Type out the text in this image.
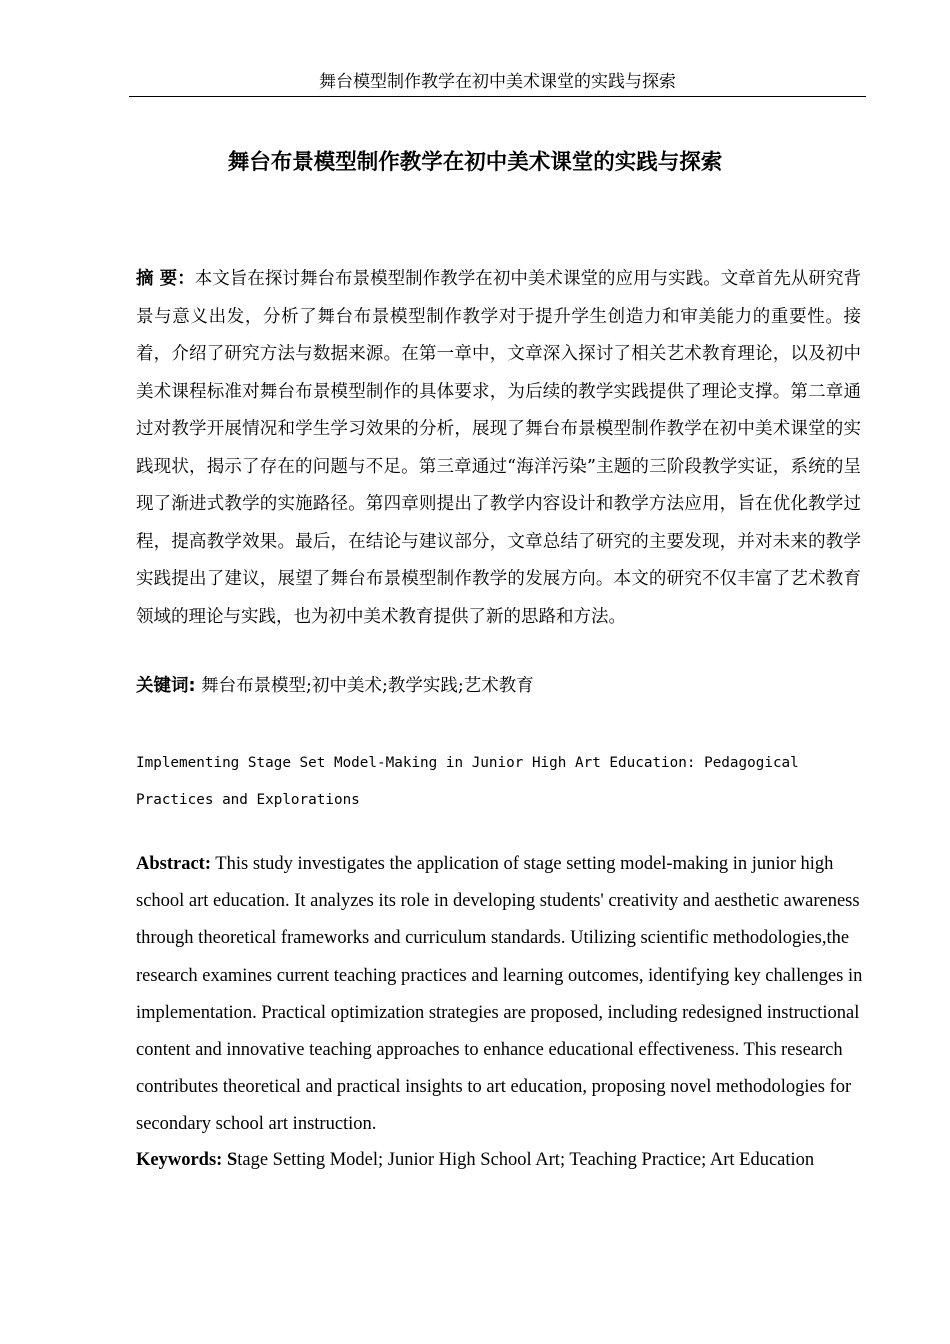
舞台模型制作教学在初中美术课堂的实践与探索
舞台布景模型制作教学在初中美术课堂的实践与探索
摘 要：本文旨在探讨舞台布景模型制作教学在初中美术课堂的应用与实践。文章首先从研究背景与意义出发，分析了舞台布景模型制作教学对于提升学生创造力和审美能力的重要性。接着，介绍了研究方法与数据来源。在第一章中，文章深入探讨了相关艺术教育理论，以及初中美术课程标准对舞台布景模型制作的具体要求，为后续的教学实践提供了理论支撑。第二章通过对教学开展情况和学生学习效果的分析，展现了舞台布景模型制作教学在初中美术课堂的实践现状，揭示了存在的问题与不足。第三章通过“海洋污染”主题的三阶段教学实证，系统的呈现了渐进式教学的实施路径。第四章则提出了教学内容设计和教学方法应用，旨在优化教学过程，提高教学效果。最后，在结论与建议部分，文章总结了研究的主要发现，并对未来的教学实践提出了建议，展望了舞台布景模型制作教学的发展方向。本文的研究不仅丰富了艺术教育领域的理论与实践，也为初中美术教育提供了新的思路和方法。
关键词: 舞台布景模型;初中美术;教学实践;艺术教育
Implementing Stage Set Model-Making in Junior High Art Education: Pedagogical Practices and Explorations
Abstract: This study investigates the application of stage setting model-making in junior high school art education. It analyzes its role in developing students' creativity and aesthetic awareness through theoretical frameworks and curriculum standards. Utilizing scientific methodologies,the research examines current teaching practices and learning outcomes, identifying key challenges in implementation. Practical optimization strategies are proposed, including redesigned instructional content and innovative teaching approaches to enhance educational effectiveness. This research contributes theoretical and practical insights to art education, proposing novel methodologies for secondary school art instruction.
Keywords: Stage Setting Model; Junior High School Art; Teaching Practice; Art Education
